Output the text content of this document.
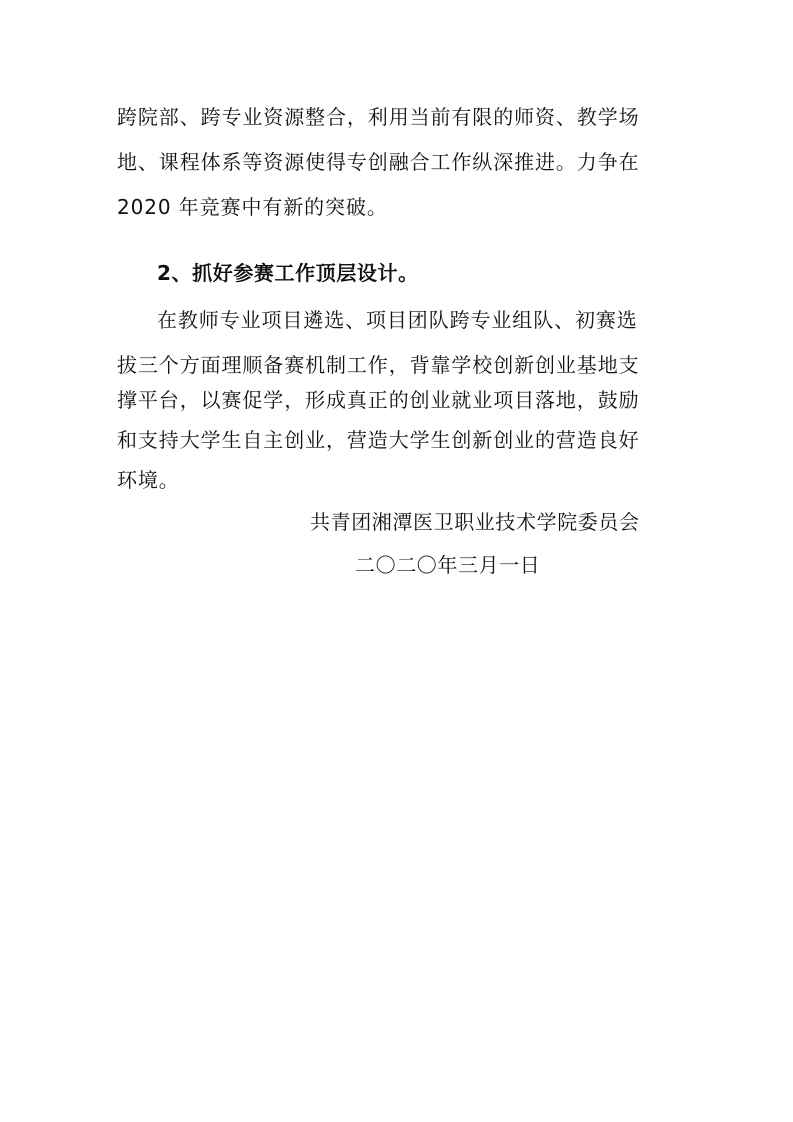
跨院部、跨专业资源整合，利用当前有限的师资、教学场
地、课程体系等资源使得专创融合工作纵深推进。力争在
2020 年竞赛中有新的突破。
2、抓好参赛工作顶层设计。
在教师专业项目遴选、项目团队跨专业组队、初赛选
拔三个方面理顺备赛机制工作，背靠学校创新创业基地支
撑平台，以赛促学，形成真正的创业就业项目落地，鼓励
和支持大学生自主创业，营造大学生创新创业的营造良好
环境。
共青团湘潭医卫职业技术学院委员会
二〇二〇年三月一日
